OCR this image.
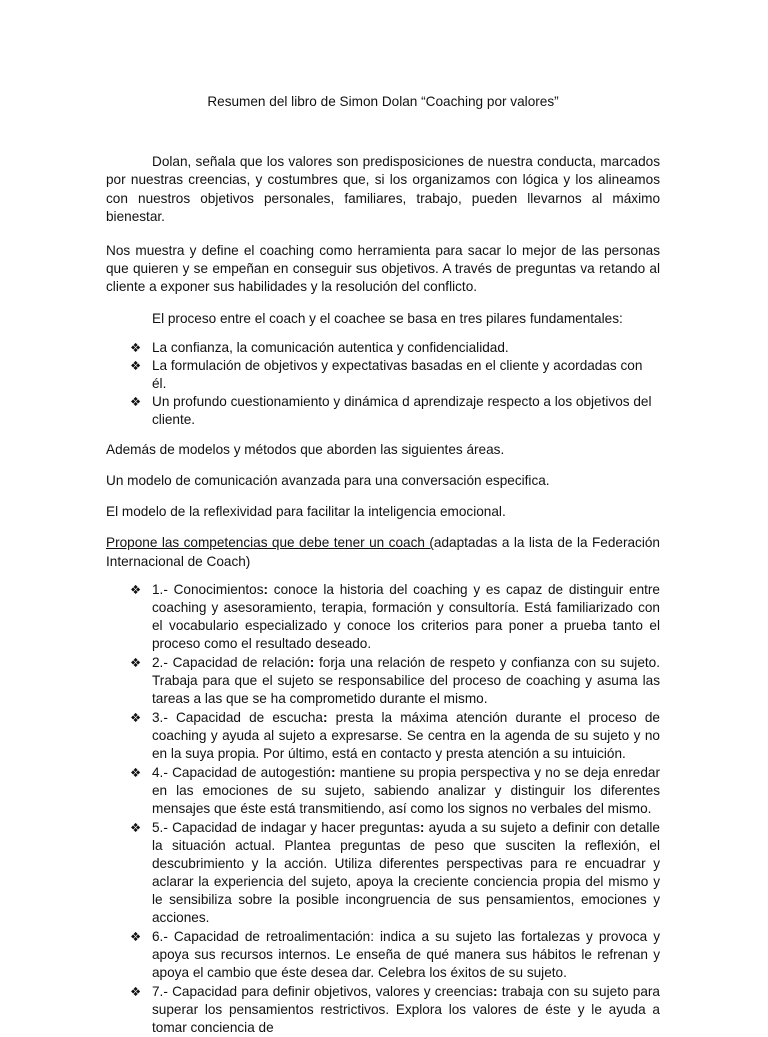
Resumen del libro de Simon Dolan “Coaching por valores”

Dolan, señala que los valores son predisposiciones de nuestra conducta, marcados por nuestras creencias, y costumbres que, si los organizamos con lógica y los alineamos con nuestros objetivos personales, familiares, trabajo, pueden llevarnos al máximo bienestar.

Nos muestra y define el coaching como herramienta para sacar lo mejor de las personas que quieren y se empeñan en conseguir sus objetivos. A través de preguntas va retando al cliente a exponer sus habilidades y la resolución del conflicto.

El proceso entre el coach y el coachee se basa en tres pilares fundamentales:

❖ La confianza, la comunicación autentica y confidencialidad.
❖ La formulación de objetivos y expectativas basadas en el cliente y acordadas con él.
❖ Un profundo cuestionamiento y dinámica d aprendizaje respecto a los objetivos del cliente.

Además de modelos y métodos que aborden las siguientes áreas.

Un modelo de comunicación avanzada para una conversación especifica.

El modelo de la reflexividad para facilitar la inteligencia emocional.

Propone las competencias que debe tener un coach (adaptadas a la lista de la Federación Internacional de Coach)

❖ 1.- Conocimientos: conoce la historia del coaching y es capaz de distinguir entre coaching y asesoramiento, terapia, formación y consultoría. Está familiarizado con el vocabulario especializado y conoce los criterios para poner a prueba tanto el proceso como el resultado deseado.
❖ 2.- Capacidad de relación: forja una relación de respeto y confianza con su sujeto. Trabaja para que el sujeto se responsabilice del proceso de coaching y asuma las tareas a las que se ha comprometido durante el mismo.
❖ 3.- Capacidad de escucha: presta la máxima atención durante el proceso de coaching y ayuda al sujeto a expresarse. Se centra en la agenda de su sujeto y no en la suya propia. Por último, está en contacto y presta atención a su intuición.
❖ 4.- Capacidad de autogestión: mantiene su propia perspectiva y no se deja enredar en las emociones de su sujeto, sabiendo analizar y distinguir los diferentes mensajes que éste está transmitiendo, así como los signos no verbales del mismo.
❖ 5.- Capacidad de indagar y hacer preguntas: ayuda a su sujeto a definir con detalle la situación actual. Plantea preguntas de peso que susciten la reflexión, el descubrimiento y la acción. Utiliza diferentes perspectivas para re encuadrar y aclarar la experiencia del sujeto, apoya la creciente conciencia propia del mismo y le sensibiliza sobre la posible incongruencia de sus pensamientos, emociones y acciones.
❖ 6.- Capacidad de retroalimentación: indica a su sujeto las fortalezas y provoca y apoya sus recursos internos. Le enseña de qué manera sus hábitos le refrenan y apoya el cambio que éste desea dar. Celebra los éxitos de su sujeto.
❖ 7.- Capacidad para definir objetivos, valores y creencias: trabaja con su sujeto para superar los pensamientos restrictivos. Explora los valores de éste y le ayuda a tomar conciencia de
